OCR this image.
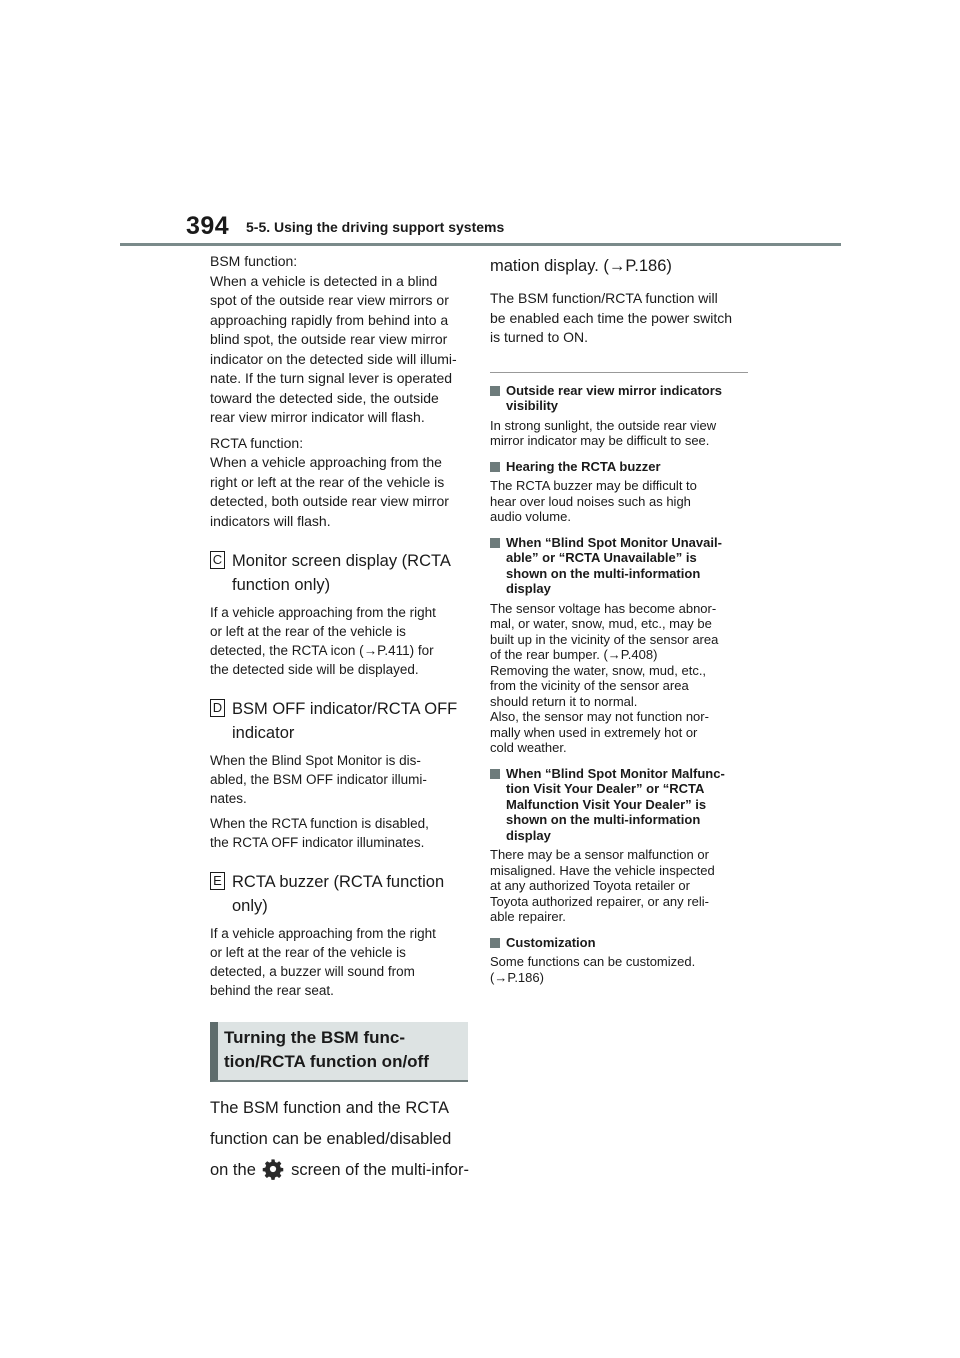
394 5-5. Using the driving support systems

BSM function:
When a vehicle is detected in a blind
spot of the outside rear view mirrors or
approaching rapidly from behind into a
blind spot, the outside rear view mirror
indicator on the detected side will illumi-
nate. If the turn signal lever is operated
toward the detected side, the outside
rear view mirror indicator will flash.

RCTA function:
When a vehicle approaching from the
right or left at the rear of the vehicle is
detected, both outside rear view mirror
indicators will flash.

C Monitor screen display (RCTA
function only)

If a vehicle approaching from the right
or left at the rear of the vehicle is
detected, the RCTA icon (→P.411) for
the detected side will be displayed.

D BSM OFF indicator/RCTA OFF
indicator

When the Blind Spot Monitor is dis-
abled, the BSM OFF indicator illumi-
nates.

When the RCTA function is disabled,
the RCTA OFF indicator illuminates.

E RCTA buzzer (RCTA function
only)

If a vehicle approaching from the right
or left at the rear of the vehicle is
detected, a buzzer will sound from
behind the rear seat.

Turning the BSM func-
tion/RCTA function on/off

The BSM function and the RCTA

function can be enabled/disabled

on the screen of the multi-infor-

mation display. (→P.186)

The BSM function/RCTA function will
be enabled each time the power switch
is turned to ON.

Outside rear view mirror indicators
visibility

In strong sunlight, the outside rear view
mirror indicator may be difficult to see.

Hearing the RCTA buzzer

The RCTA buzzer may be difficult to
hear over loud noises such as high
audio volume.

When “Blind Spot Monitor Unavail-
able” or “RCTA Unavailable” is
shown on the multi-information
display

The sensor voltage has become abnor-
mal, or water, snow, mud, etc., may be
built up in the vicinity of the sensor area
of the rear bumper. (→P.408)
Removing the water, snow, mud, etc.,
from the vicinity of the sensor area
should return it to normal.
Also, the sensor may not function nor-
mally when used in extremely hot or
cold weather.

When “Blind Spot Monitor Malfunc-
tion Visit Your Dealer” or “RCTA
Malfunction Visit Your Dealer” is
shown on the multi-information
display

There may be a sensor malfunction or
misaligned. Have the vehicle inspected
at any authorized Toyota retailer or
Toyota authorized repairer, or any reli-
able repairer.

Customization

Some functions can be customized.
(→P.186)
